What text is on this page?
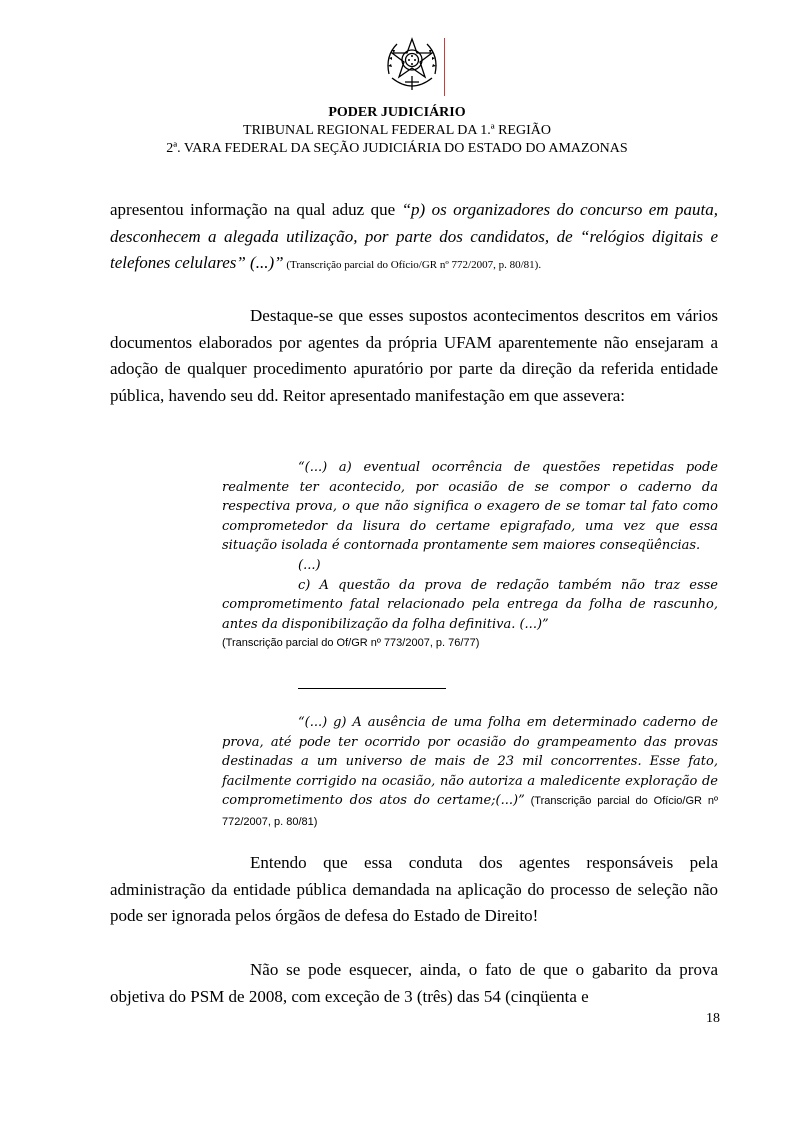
PODER JUDICIÁRIO
TRIBUNAL REGIONAL FEDERAL DA 1.ª REGIÃO
2ª. VARA FEDERAL DA SEÇÃO JUDICIÁRIA DO ESTADO DO AMAZONAS
apresentou informação na qual aduz que “p) os organizadores do concurso em pauta, desconhecem a alegada utilização, por parte dos candidatos, de “relógios digitais e telefones celulares” (...)” (Transcrição parcial do Ofício/GR nº 772/2007, p. 80/81).
Destaque-se que esses supostos acontecimentos descritos em vários documentos elaborados por agentes da própria UFAM aparentemente não ensejaram a adoção de qualquer procedimento apuratório por parte da direção da referida entidade pública, havendo seu dd. Reitor apresentado manifestação em que assevera:
“(...) a) eventual ocorrência de questões repetidas pode realmente ter acontecido, por ocasião de se compor o caderno da respectiva prova, o que não significa o exagero de se tomar tal fato como comprometedor da lisura do certame epigrafado, uma vez que essa situação isolada é contornada prontamente sem maiores conseqüências.
(...)
c) A questão da prova de redação também não traz esse comprometimento fatal relacionado pela entrega da folha de rascunho, antes da disponibilização da folha definitiva. (...)”
(Transcrição parcial do Of/GR nº 773/2007, p. 76/77)
“(...) g) A ausência de uma folha em determinado caderno de prova, até pode ter ocorrido por ocasião do grampeamento das provas destinadas a um universo de mais de 23 mil concorrentes. Esse fato, facilmente corrigido na ocasião, não autoriza a maledicente exploração de comprometimento dos atos do certame;(...)” (Transcrição parcial do Ofício/GR nº 772/2007, p. 80/81)
Entendo que essa conduta dos agentes responsáveis pela administração da entidade pública demandada na aplicação do processo de seleção não pode ser ignorada pelos órgãos de defesa do Estado de Direito!
Não se pode esquecer, ainda, o fato de que o gabarito da prova objetiva do PSM de 2008, com exceção de 3 (três) das 54 (cinqüenta e
18
